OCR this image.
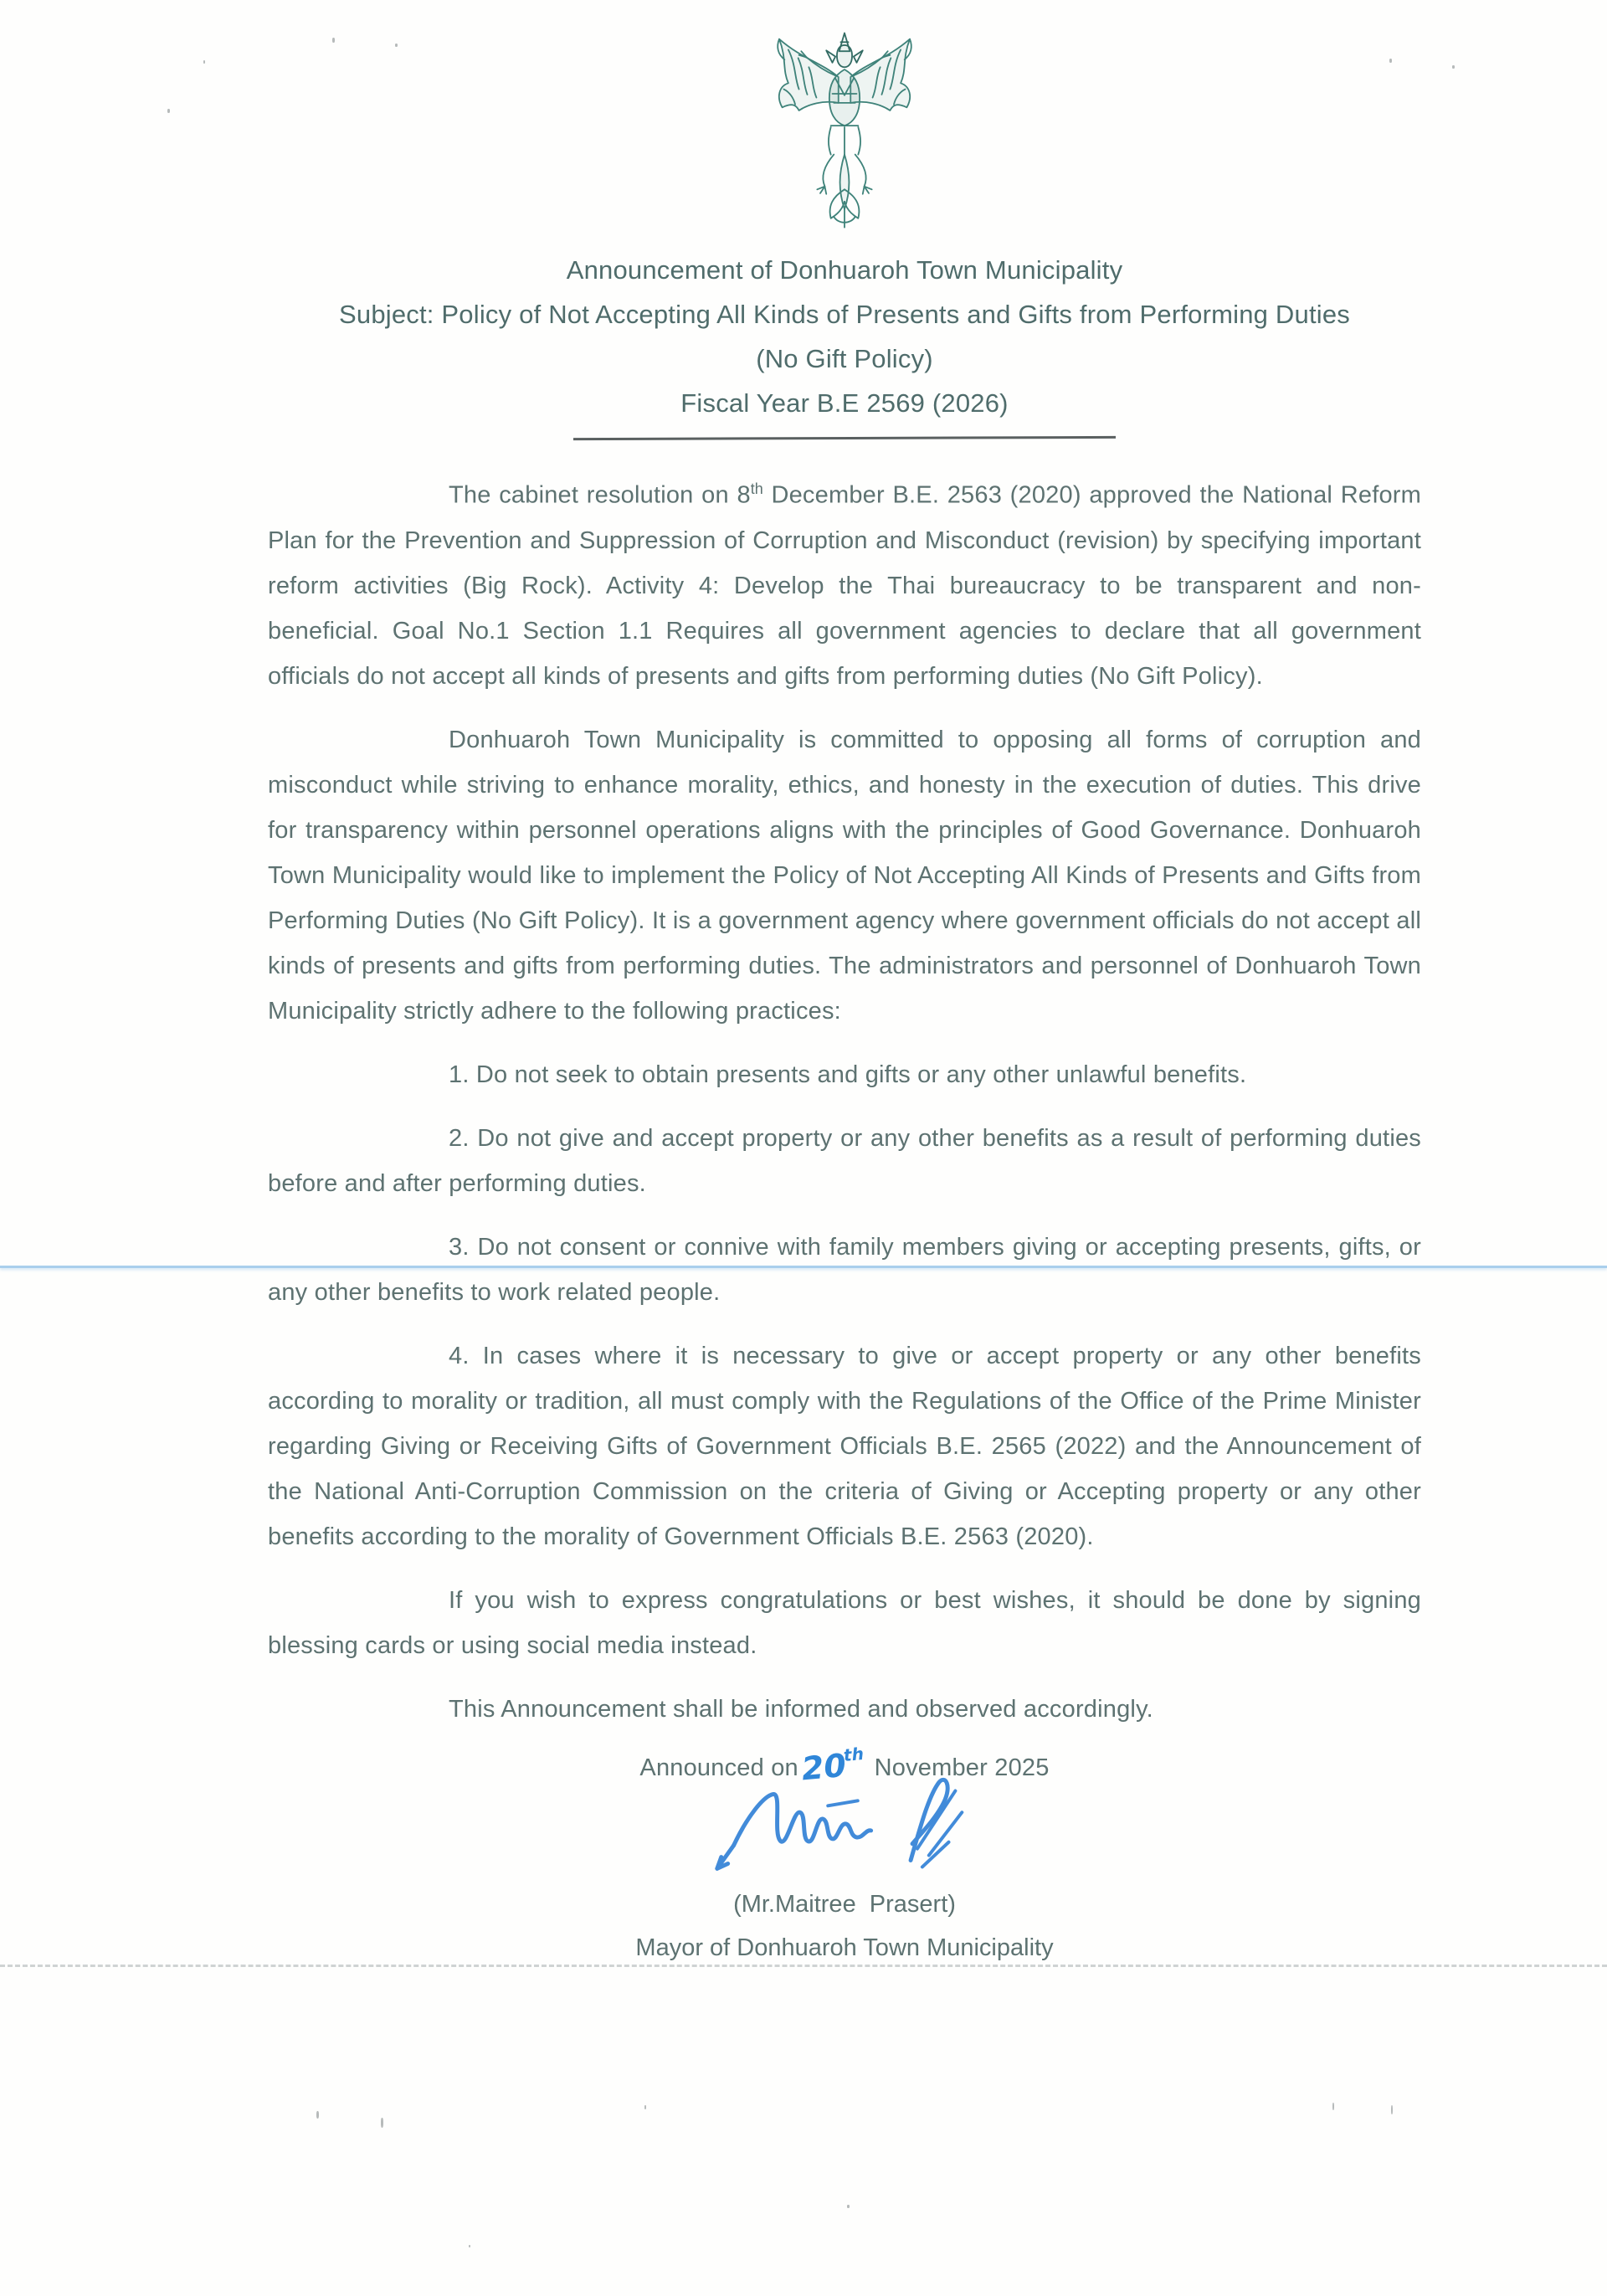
Announcement of Donhuaroh Town Municipality
Subject: Policy of Not Accepting All Kinds of Presents and Gifts from Performing Duties
(No Gift Policy)
Fiscal Year B.E 2569 (2026)

The cabinet resolution on 8th December B.E. 2563 (2020) approved the National Reform Plan for the Prevention and Suppression of Corruption and Misconduct (revision) by specifying important reform activities (Big Rock). Activity 4: Develop the Thai bureaucracy to be transparent and non-beneficial. Goal No.1 Section 1.1 Requires all government agencies to declare that all government officials do not accept all kinds of presents and gifts from performing duties (No Gift Policy).

Donhuaroh Town Municipality is committed to opposing all forms of corruption and misconduct while striving to enhance morality, ethics, and honesty in the execution of duties. This drive for transparency within personnel operations aligns with the principles of Good Governance. Donhuaroh Town Municipality would like to implement the Policy of Not Accepting All Kinds of Presents and Gifts from Performing Duties (No Gift Policy). It is a government agency where government officials do not accept all kinds of presents and gifts from performing duties. The administrators and personnel of Donhuaroh Town Municipality strictly adhere to the following practices:

1. Do not seek to obtain presents and gifts or any other unlawful benefits.

2. Do not give and accept property or any other benefits as a result of performing duties before and after performing duties.

3. Do not consent or connive with family members giving or accepting presents, gifts, or any other benefits to work related people.

4. In cases where it is necessary to give or accept property or any other benefits according to morality or tradition, all must comply with the Regulations of the Office of the Prime Minister regarding Giving or Receiving Gifts of Government Officials B.E. 2565 (2022) and the Announcement of the National Anti-Corruption Commission on the criteria of Giving or Accepting property or any other benefits according to the morality of Government Officials B.E. 2563 (2020).

If you wish to express congratulations or best wishes, it should be done by signing blessing cards or using social media instead.

This Announcement shall be informed and observed accordingly.

Announced on20th November 2025
(Mr.Maitree  Prasert)
Mayor of Donhuaroh Town Municipality
